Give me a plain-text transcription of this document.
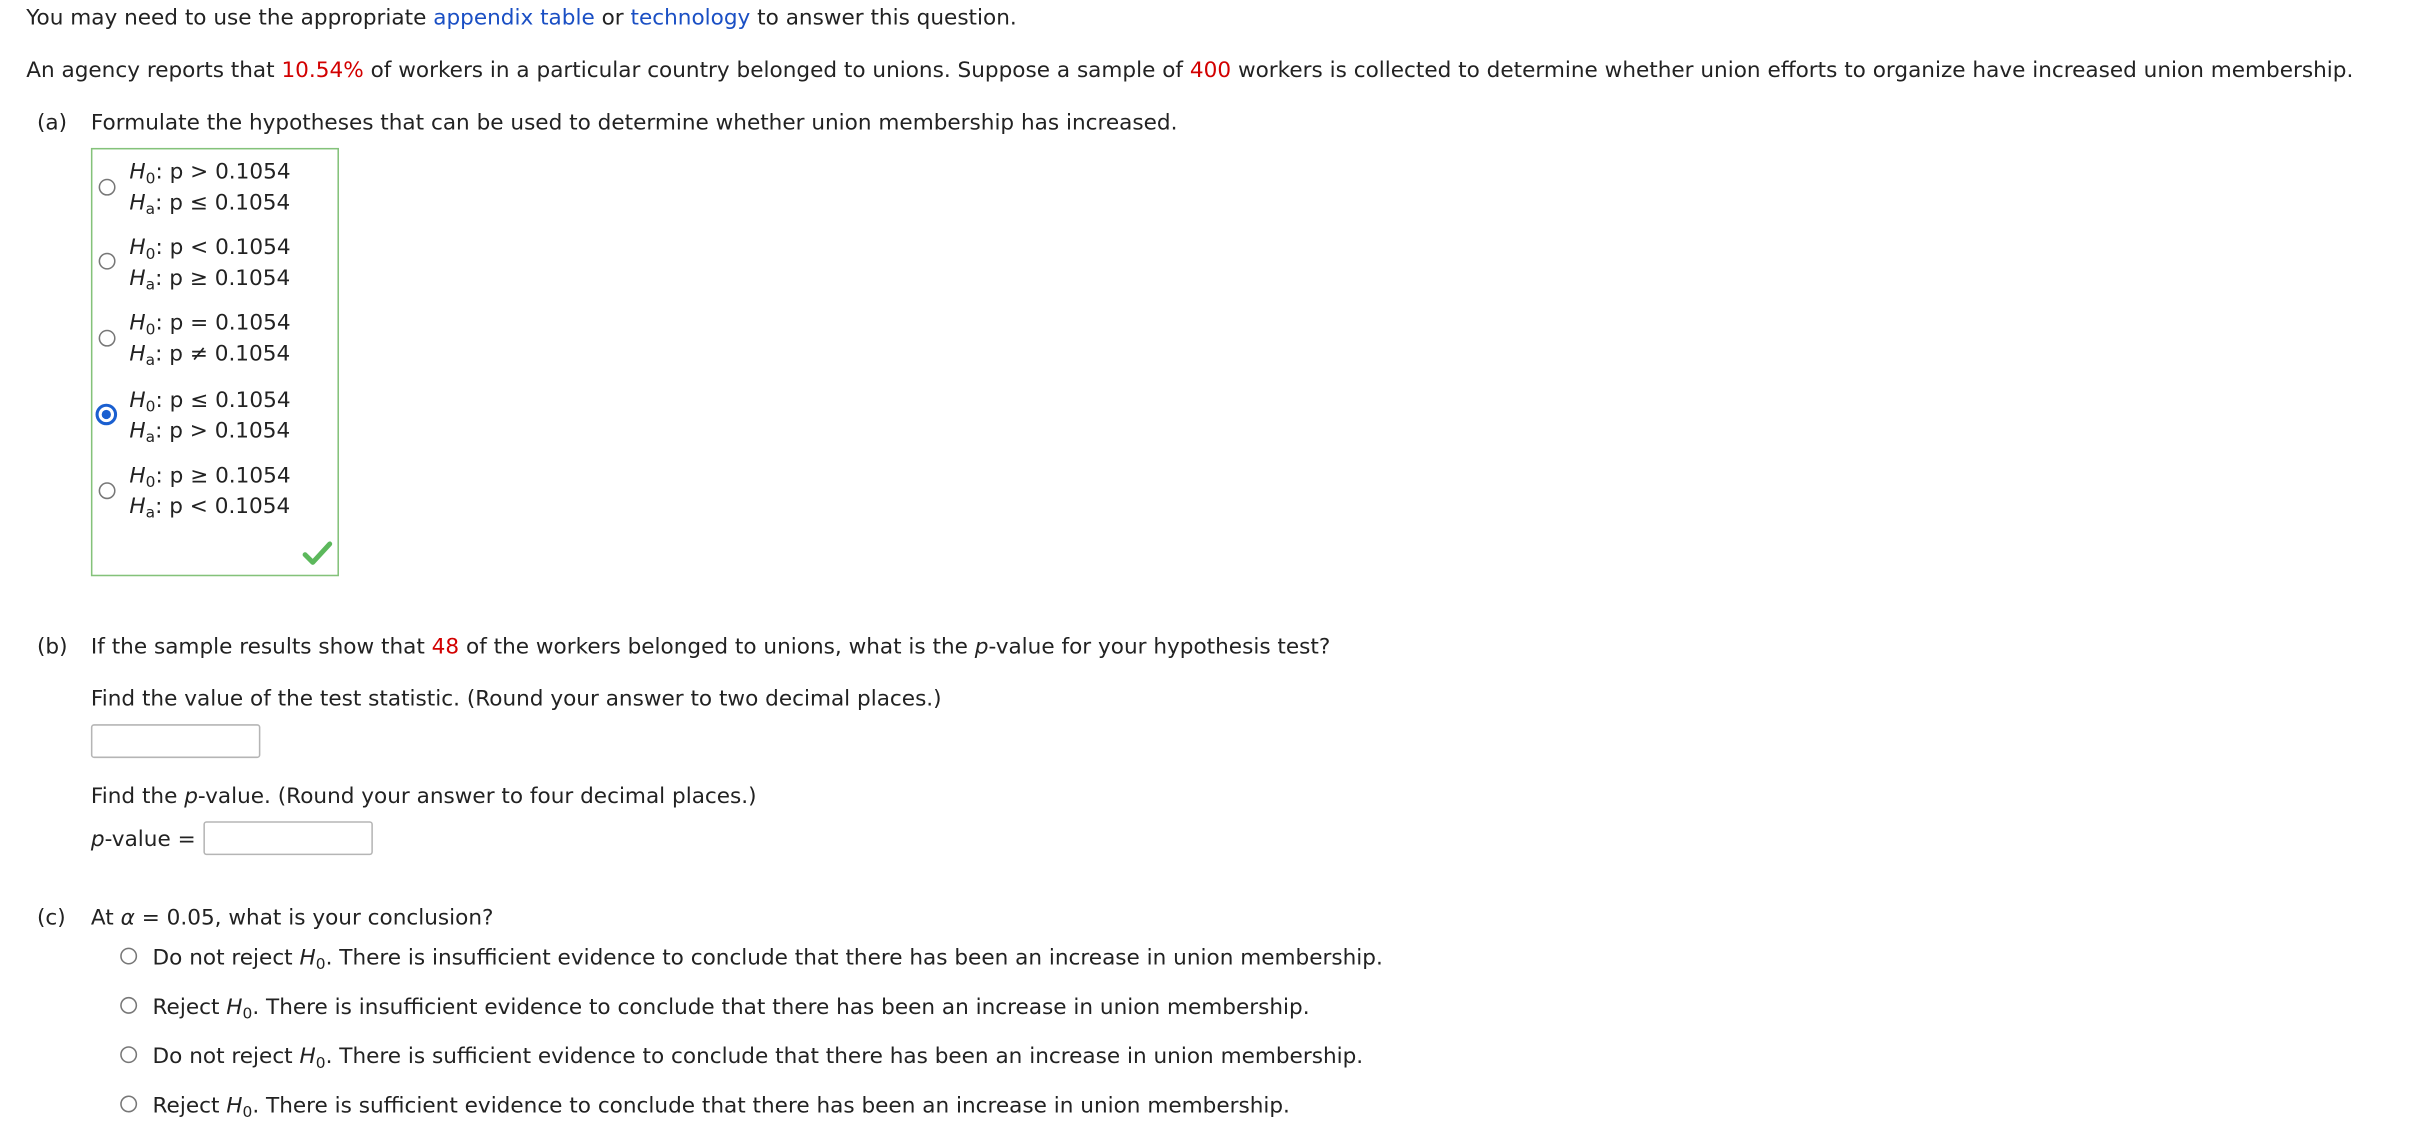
You may need to use the appropriate appendix table or technology to answer this question.
An agency reports that 10.54% of workers in a particular country belonged to unions. Suppose a sample of 400 workers is collected to determine whether union efforts to organize have increased union membership.
(a) Formulate the hypotheses that can be used to determine whether union membership has increased.
$H_0$: p > 0.1054
$H_a$: p ≤ 0.1054
$H_0$: p < 0.1054
$H_a$: p ≥ 0.1054
$H_0$: p = 0.1054
$H_a$: p ≠ 0.1054
$H_0$: p ≤ 0.1054
$H_a$: p > 0.1054
$H_0$: p ≥ 0.1054
$H_a$: p < 0.1054
(b) If the sample results show that 48 of the workers belonged to unions, what is the p-value for your hypothesis test?
Find the value of the test statistic. (Round your answer to two decimal places.)
Find the p-value. (Round your answer to four decimal places.)
p-value =
(c) At α = 0.05, what is your conclusion?
Do not reject $H_0$. There is insufficient evidence to conclude that there has been an increase in union membership.
Reject $H_0$. There is insufficient evidence to conclude that there has been an increase in union membership.
Do not reject $H_0$. There is sufficient evidence to conclude that there has been an increase in union membership.
Reject $H_0$. There is sufficient evidence to conclude that there has been an increase in union membership.
